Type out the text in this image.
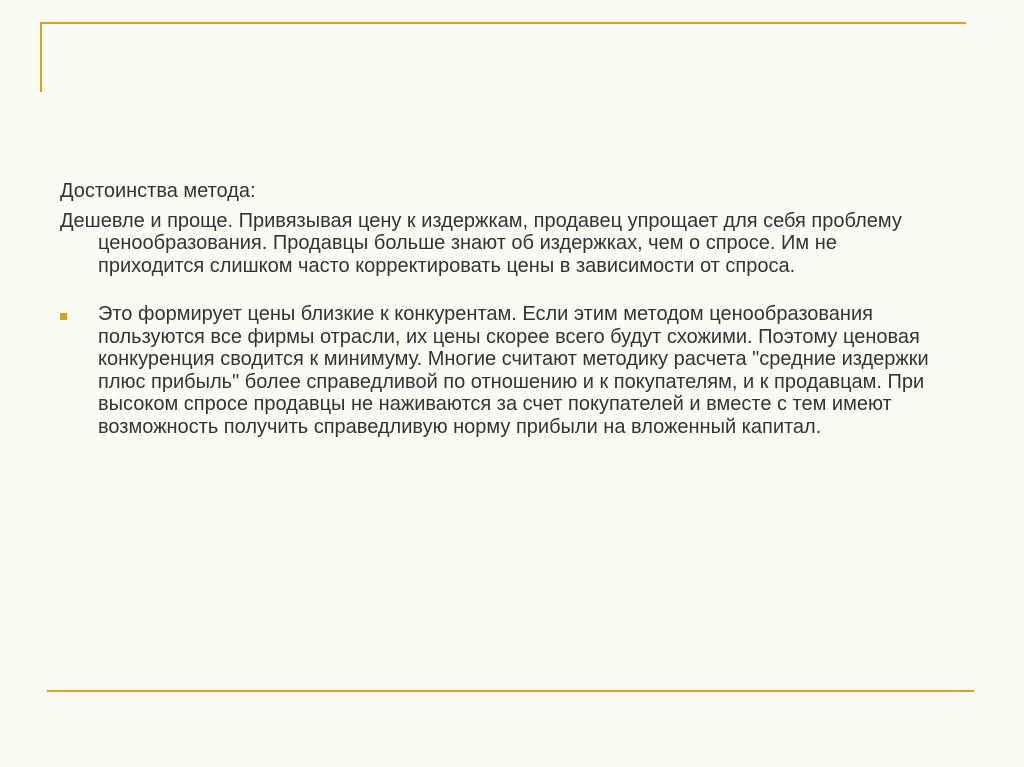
Достоинства метода:

Дешевле и проще. Привязывая цену к издержкам, продавец упрощает для себя проблему ценообразования. Продавцы больше знают об издержках, чем о спросе. Им не приходится слишком часто корректировать цены в зависимости от спроса.

Это формирует цены близкие к конкурентам. Если этим методом ценообразования пользуются все фирмы отрасли, их цены скорее всего будут схожими. Поэтому ценовая конкуренция сводится к минимуму. Многие считают методику расчета "средние издержки плюс прибыль" более справедливой по отношению и к покупателям, и к продавцам. При высоком спросе продавцы не наживаются за счет покупателей и вместе с тем имеют возможность получить справедливую норму прибыли на вложенный капитал.
